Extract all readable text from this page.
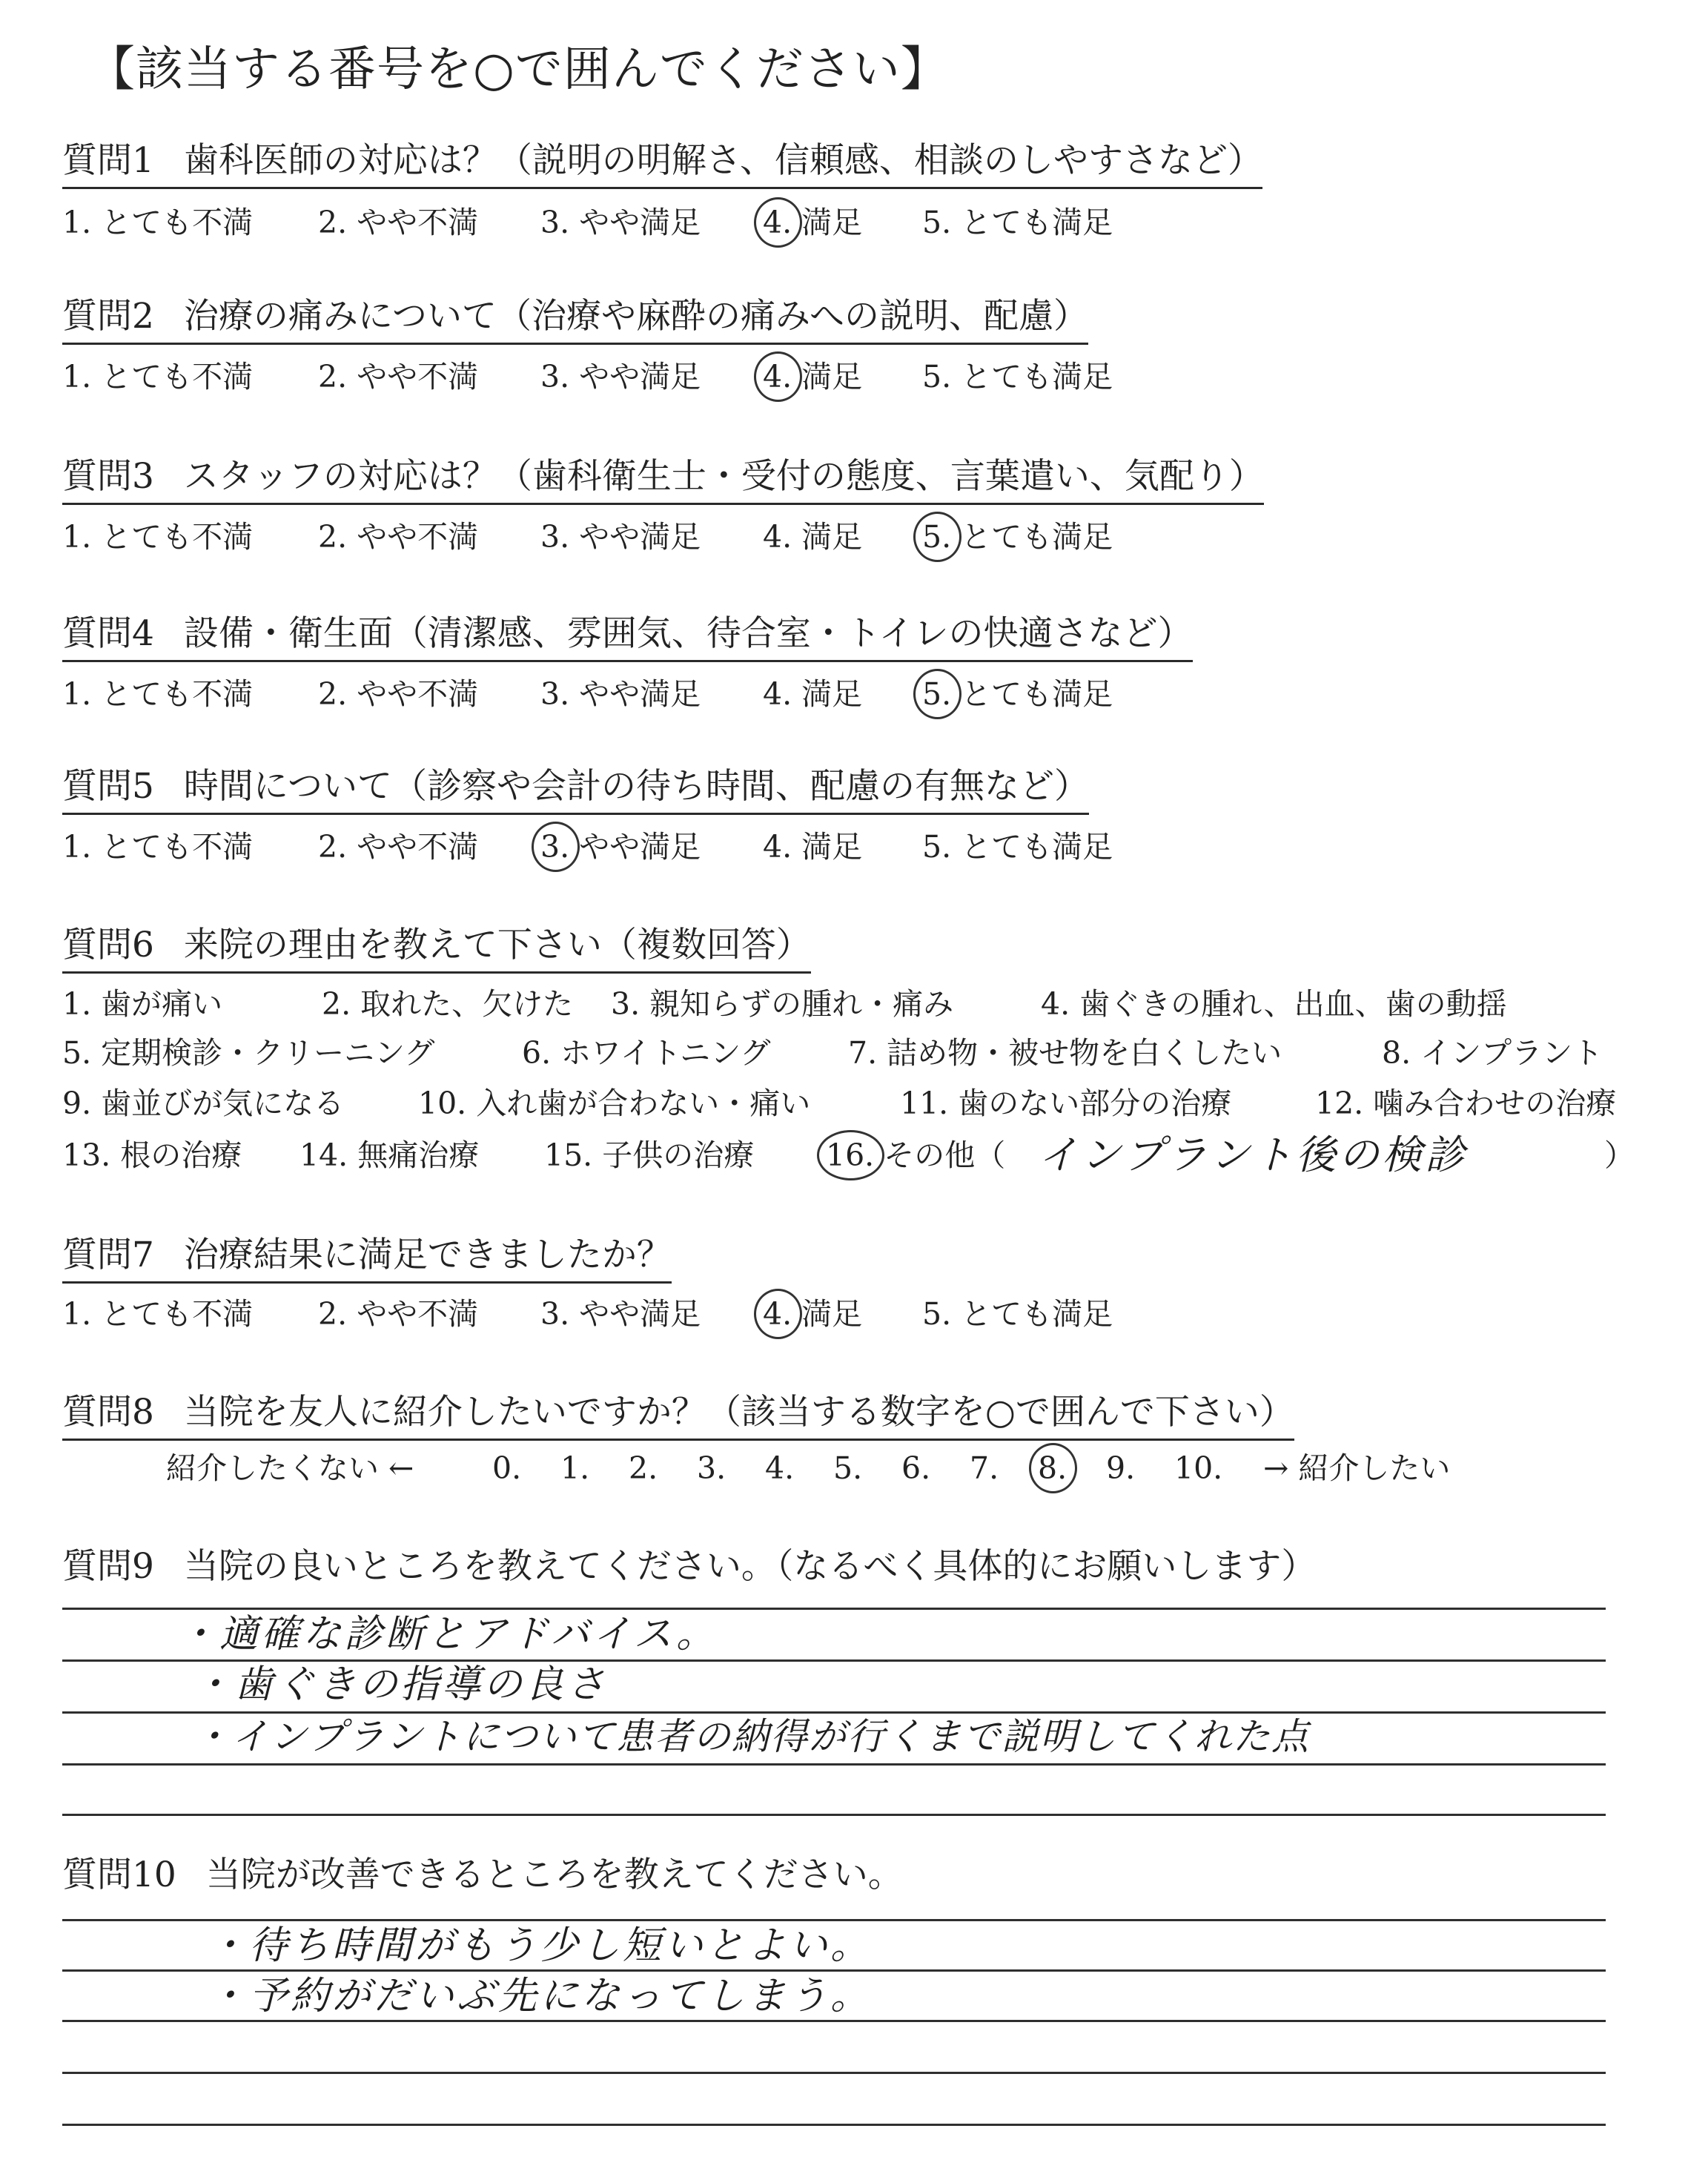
【該当する番号を○で囲んでください】
質問1 歯科医師の対応は？（説明の明解さ、信頼感、相談のしやすさなど）
1. とても不満 2. やや不満 3. やや満足 4. 満足 5. とても満足
質問2 治療の痛みについて（治療や麻酔の痛みへの説明、配慮）
1. とても不満 2. やや不満 3. やや満足 4. 満足 5. とても満足
質問3 スタッフの対応は？（歯科衛生士・受付の態度、言葉遣い、気配り）
1. とても不満 2. やや不満 3. やや満足 4. 満足 5. とても満足
質問4 設備・衛生面（清潔感、雰囲気、待合室・トイレの快適さなど）
1. とても不満 2. やや不満 3. やや満足 4. 満足 5. とても満足
質問5 時間について（診察や会計の待ち時間、配慮の有無など）
1. とても不満 2. やや不満 3. やや満足 4. 満足 5. とても満足
質問6 来院の理由を教えて下さい（複数回答）
1. 歯が痛い	2. 取れた、欠けた 3. 親知らずの腫れ・痛み	4. 歯ぐきの腫れ、出血、歯の動揺
5. 定期検診・クリーニング	6. ホワイトニング	7. 詰め物・被せ物を白くしたい	8. インプラント
9. 歯並びが気になる 10. 入れ歯が合わない・痛い	11. 歯のない部分の治療	12. 噛み合わせの治療
13. 根の治療 14. 無痛治療 15. 子供の治療 16. その他（	）
インプラント後の検診
質問7 治療結果に満足できましたか？
1. とても不満 2. やや不満 3. やや満足 4. 満足 5. とても満足
質問8 当院を友人に紹介したいですか？（該当する数字を○で囲んで下さい）
紹介したくない ←	0. 1. 2. 3. 4. 5. 6. 7. 8. 9. 10. → 紹介したい
質問9 当院の良いところを教えてください。（なるべく具体的にお願いします）
・適確な診断とアドバイス。
・歯ぐきの指導の良さ
・インプラントについて患者の納得が行くまで説明してくれた点
質問10 当院が改善できるところを教えてください。
・待ち時間がもう少し短いとよい。
・予約がだいぶ先になってしまう。
